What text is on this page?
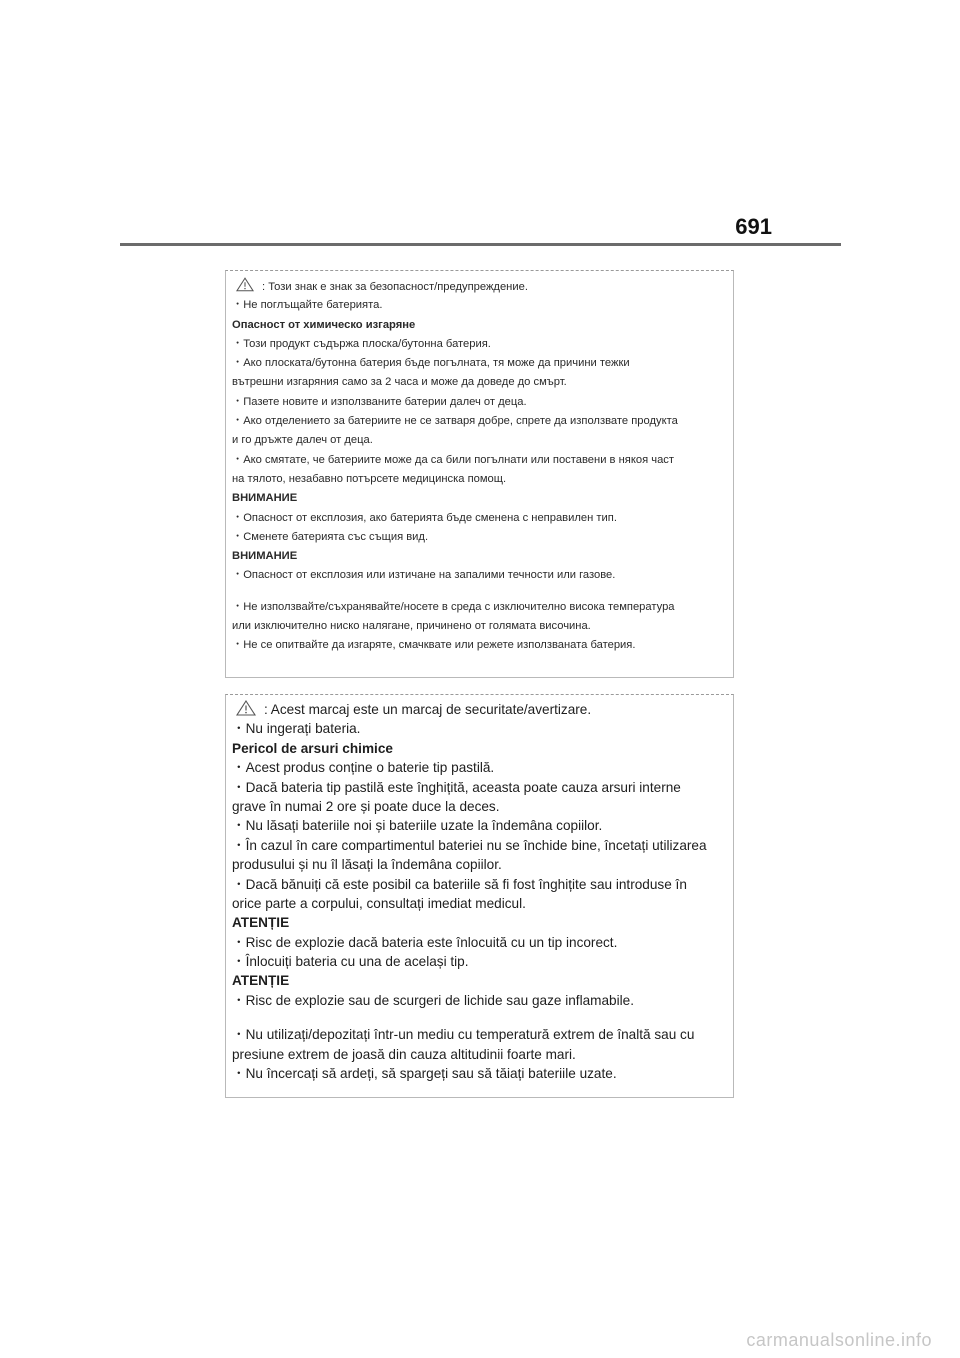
691
: Този знак е знак за безопасност/предупреждение.
・Не поглъщайте батерията.
Опасност от химическо изгаряне
・Този продукт съдържа плоска/бутонна батерия.
・Ако плоската/бутонна батерия бъде погълната, тя може да причини тежки
вътрешни изгаряния само за 2 часа и може да доведе до смърт.
・Пазете новите и използваните батерии далеч от деца.
・Ако отделението за батериите не се затваря добре, спрете да използвате продукта
и го дръжте далеч от деца.
・Ако смятате, че батериите може да са били погълнати или поставени в някоя част
на тялото, незабавно потърсете медицинска помощ.
ВНИМАНИЕ
・Опасност от експлозия, ако батерията бъде сменена с неправилен тип.
・Сменете батерията със същия вид.
ВНИМАНИЕ
・Опасност от експлозия или изтичане на запалими течности или газове.
・Не използвайте/съхранявайте/носете в среда с изключително висока температура
или изключително ниско налягане, причинено от голямата височина.
・Не се опитвайте да изгаряте, смачквате или режете използваната батерия.
: Acest marcaj este un marcaj de securitate/avertizare.
・Nu ingerați bateria.
Pericol de arsuri chimice
・Acest produs conține o baterie tip pastilă.
・Dacă bateria tip pastilă este înghițită, aceasta poate cauza arsuri interne
grave în numai 2 ore și poate duce la deces.
・Nu lăsați bateriile noi și bateriile uzate la îndemâna copiilor.
・În cazul în care compartimentul bateriei nu se închide bine, încetați utilizarea
produsului și nu îl lăsați la îndemâna copiilor.
・Dacă bănuiți că este posibil ca bateriile să fi fost înghițite sau introduse în
orice parte a corpului, consultați imediat medicul.
ATENȚIE
・Risc de explozie dacă bateria este înlocuită cu un tip incorect.
・Înlocuiți bateria cu una de același tip.
ATENȚIE
・Risc de explozie sau de scurgeri de lichide sau gaze inflamabile.
・Nu utilizați/depozitați într-un mediu cu temperatură extrem de înaltă sau cu
presiune extrem de joasă din cauza altitudinii foarte mari.
・Nu încercați să ardeți, să spargeți sau să tăiați bateriile uzate.
carmanualsonline.info
